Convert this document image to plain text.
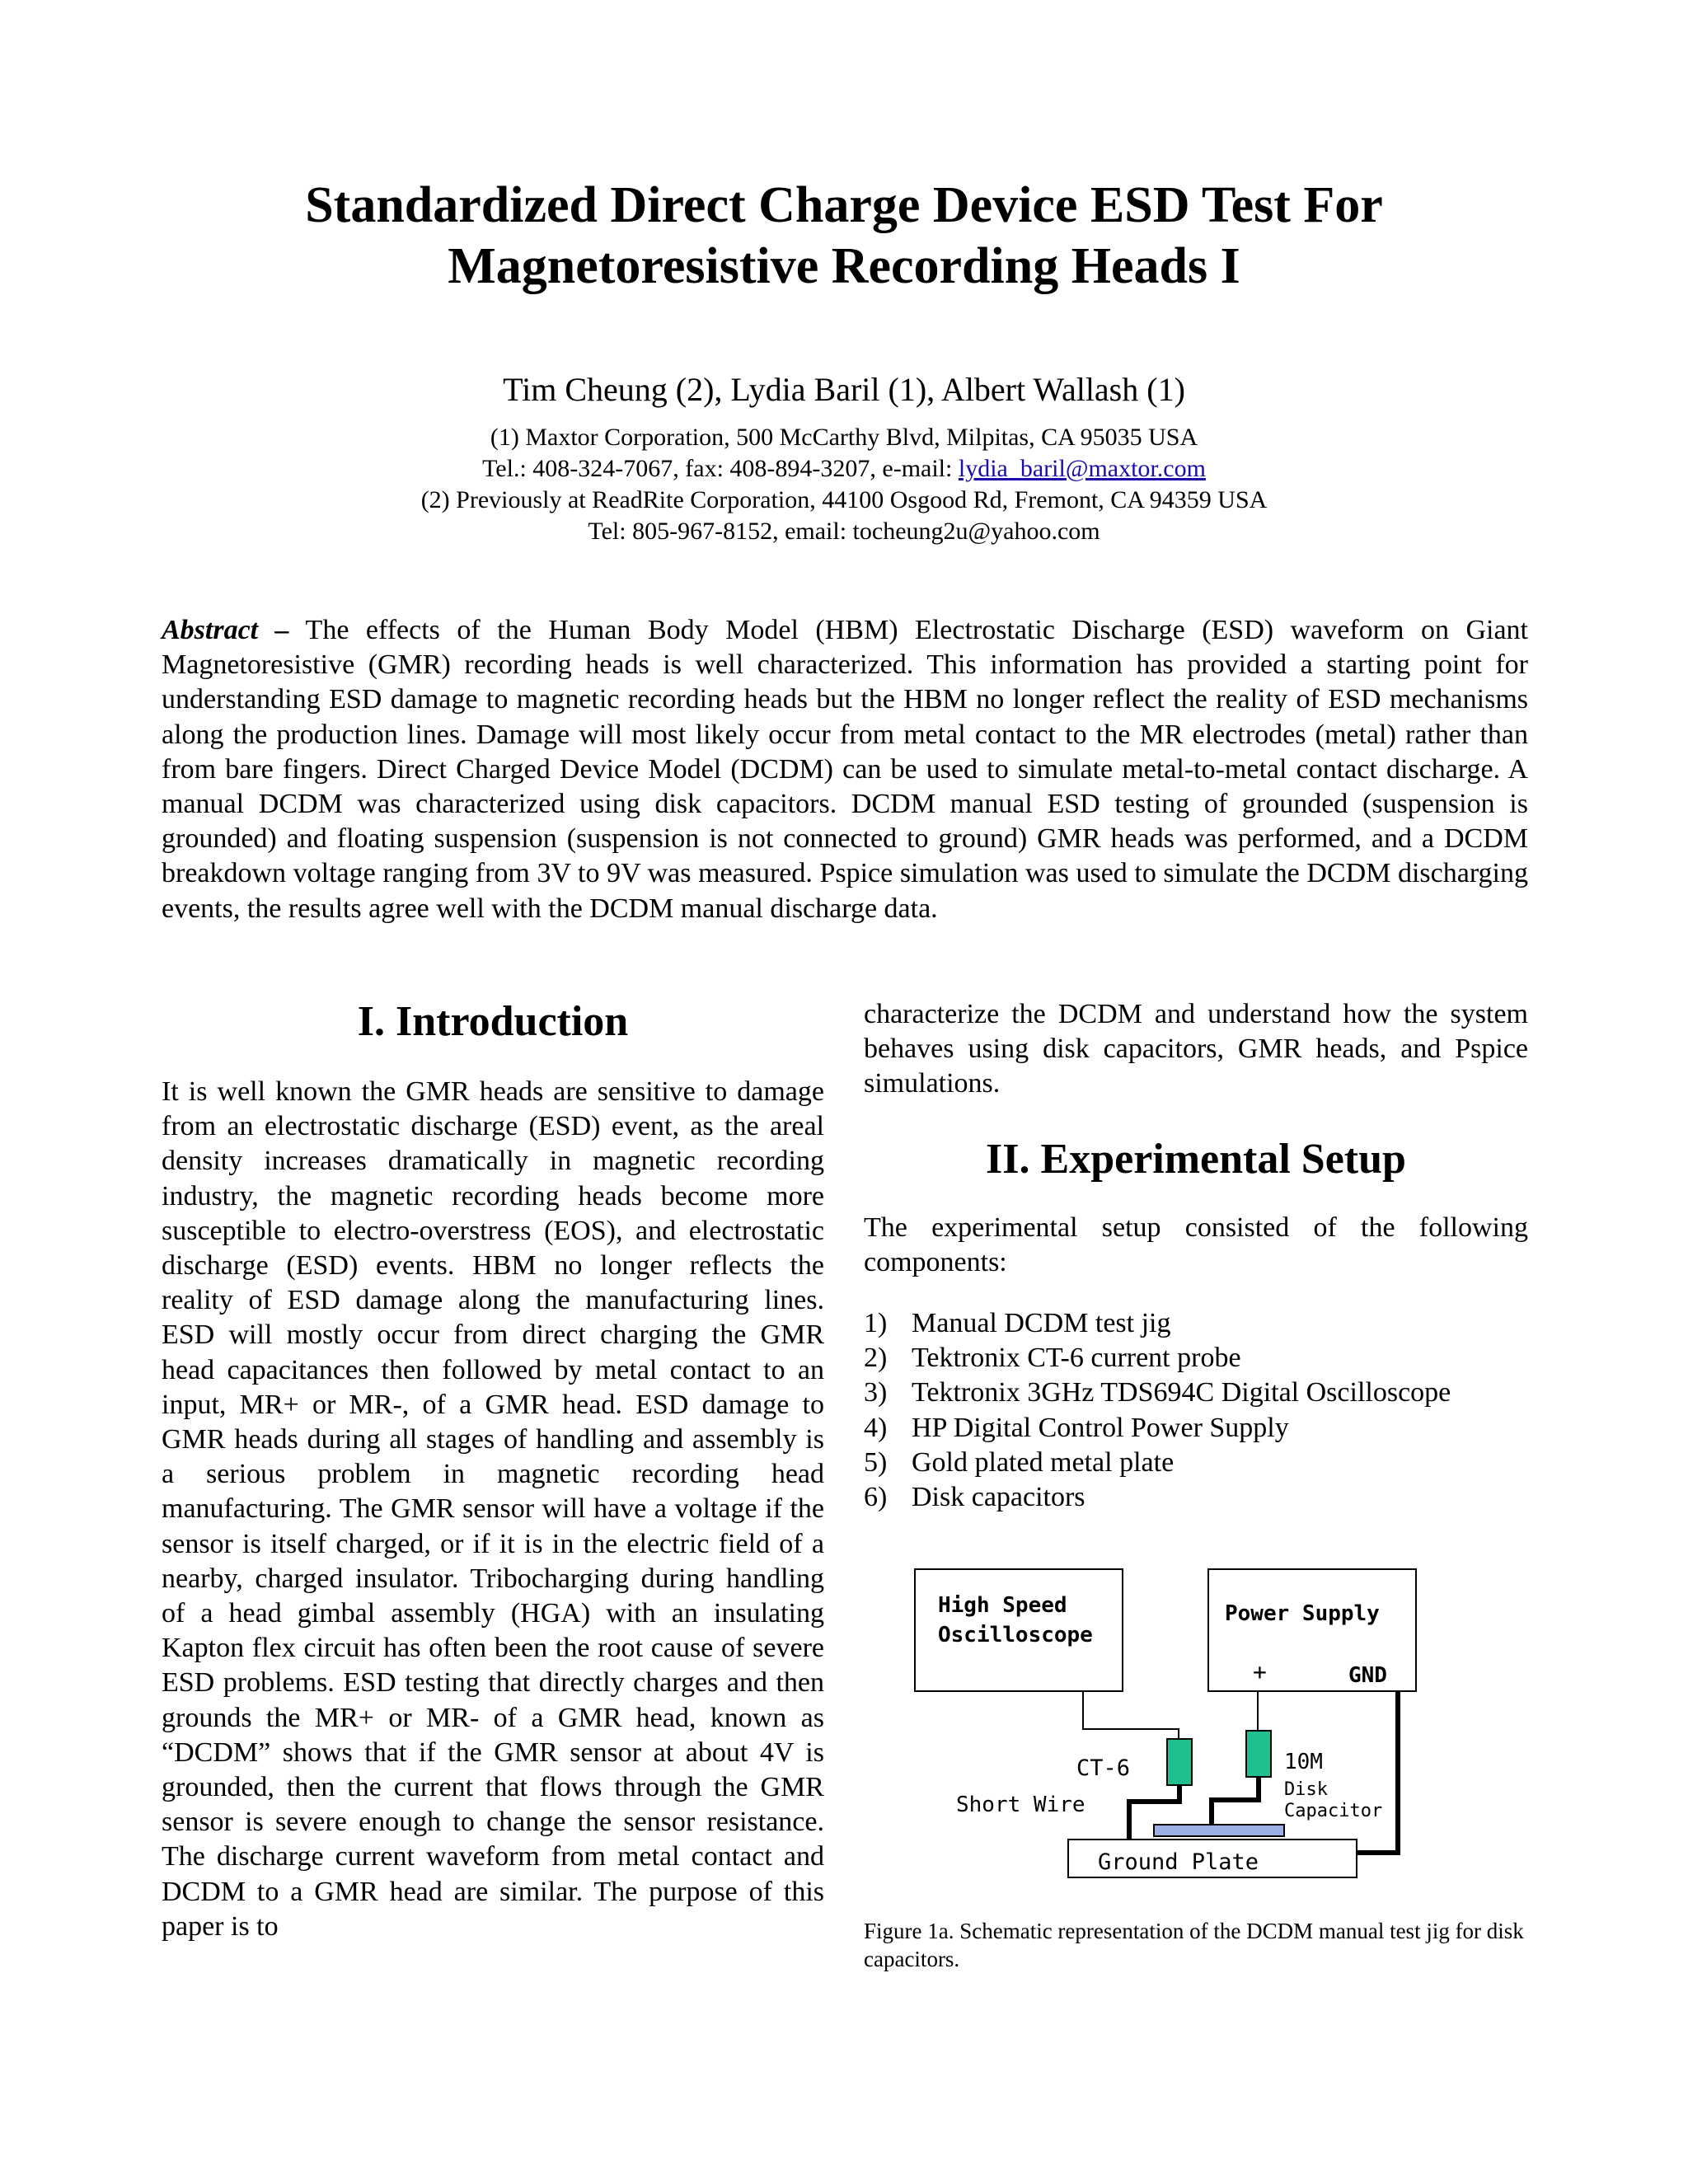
Standardized Direct Charge Device ESD Test For
Magnetoresistive Recording Heads I
Tim Cheung (2), Lydia Baril (1), Albert Wallash (1)
(1) Maxtor Corporation, 500 McCarthy Blvd, Milpitas, CA 95035 USA
Tel.: 408-324-7067, fax: 408-894-3207, e-mail: lydia_baril@maxtor.com
(2) Previously at ReadRite Corporation, 44100 Osgood Rd, Fremont, CA 94359 USA
Tel: 805-967-8152, email: tocheung2u@yahoo.com
Abstract – The effects of the Human Body Model (HBM) Electrostatic Discharge (ESD) waveform on Giant Magnetoresistive (GMR) recording heads is well characterized. This information has provided a starting point for understanding ESD damage to magnetic recording heads but the HBM no longer reflect the reality of ESD mechanisms along the production lines. Damage will most likely occur from metal contact to the MR electrodes (metal) rather than from bare fingers. Direct Charged Device Model (DCDM) can be used to simulate metal-to-metal contact discharge. A manual DCDM was characterized using disk capacitors. DCDM manual ESD testing of grounded (suspension is grounded) and floating suspension (suspension is not connected to ground) GMR heads was performed, and a DCDM breakdown voltage ranging from 3V to 9V was measured. Pspice simulation was used to simulate the DCDM discharging events, the results agree well with the DCDM manual discharge data.
I. Introduction

It is well known the GMR heads are sensitive to damage from an electrostatic discharge (ESD) event, as the areal density increases dramatically in magnetic recording industry, the magnetic recording heads become more susceptible to electro-overstress (EOS), and electrostatic discharge (ESD) events. HBM no longer reflects the reality of ESD damage along the manufacturing lines. ESD will mostly occur from direct charging the GMR head capacitances then followed by metal contact to an input, MR+ or MR-, of a GMR head. ESD damage to GMR heads during all stages of handling and assembly is a serious problem in magnetic recording head manufacturing. The GMR sensor will have a voltage if the sensor is itself charged, or if it is in the electric field of a nearby, charged insulator. Tribocharging during handling of a head gimbal assembly (HGA) with an insulating Kapton flex circuit has often been the root cause of severe ESD problems. ESD testing that directly charges and then grounds the MR+ or MR- of a GMR head, known as “DCDM” shows that if the GMR sensor at about 4V is grounded, then the current that flows through the GMR sensor is severe enough to change the sensor resistance. The discharge current waveform from metal contact and DCDM to a GMR head are similar. The purpose of this paper is to

characterize the DCDM and understand how the system behaves using disk capacitors, GMR heads, and Pspice simulations.

II. Experimental Setup

The experimental setup consisted of the following components:

1) Manual DCDM test jig
2) Tektronix CT-6 current probe
3) Tektronix 3GHz TDS694C Digital Oscilloscope
4) HP Digital Control Power Supply
5) Gold plated metal plate
6) Disk capacitors
High Speed
Oscilloscope
Power Supply
+	GND
CT-6	10M
Disk
Capacitor
Short Wire
Ground Plate
Figure 1a. Schematic representation of the DCDM manual test jig for disk capacitors.
